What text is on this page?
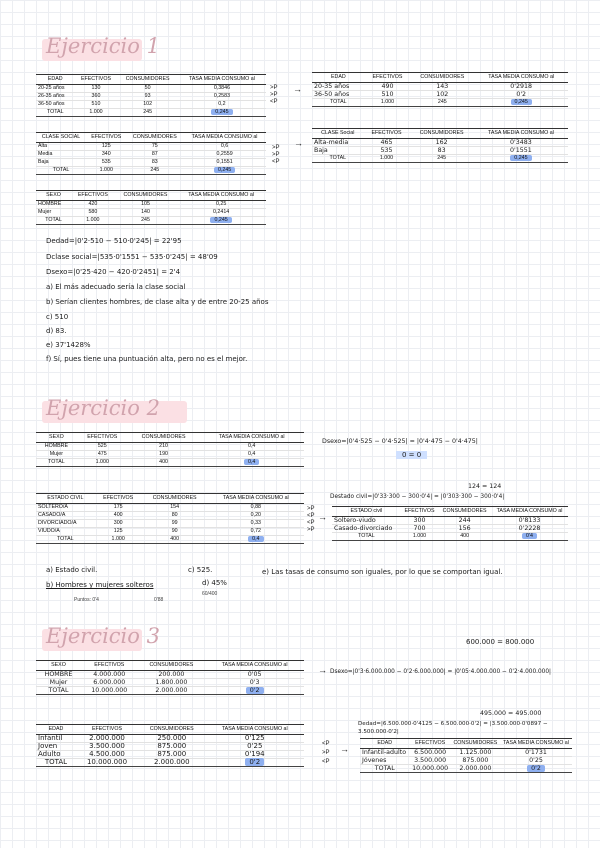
Ejercicio 1
EDAD	EFECTIVOS	CONSUMIDORES	TASA MEDIA CONSUMO al
20-25 años	130	50	0,3846
26-35 años	360	93	0,2583
36-50 años	510	102	0,2
TOTAL	1.000	245	0,245
>P
>P
<P
→
EDAD	EFECTIVOS	CONSUMIDORES	TASA MEDIA CONSUMO al
20-35 años	490	143	0'2918
36-50 años	510	102	0'2
TOTAL	1.000	245	0,245
CLASE SOCIAL	EFECTIVOS	CONSUMIDORES	TASA MEDIA CONSUMO al
Alta	125	75	0,6
Media	340	87	0,2559
Baja	535	83	0,1551
TOTAL	1.000	245	0,245
>P
>P
<P
→
CLASE Social	EFECTIVOS	CONSUMIDORES	TASA MEDIA CONSUMO al
Alta-media	465	162	0'3483
Baja	535	83	0'1551
TOTAL	1.000	245	0,245
SEXO	EFECTIVOS	CONSUMIDORES	TASA MEDIA CONSUMO al
HOMBRE	420	105	0,25
Mujer	580	140	0,2414
TOTAL	1.000	245	0,245
Dedad=|0'2·510 − 510·0'245| = 22'95
Dclase social=|535·0'1551 − 535·0'245| = 48'09
Dsexo=|0'25·420 − 420·0'2451| = 2'4
a) El más adecuado sería la clase social
b) Serían clientes hombres, de clase alta y de entre 20-25 años
c) 510
d) 83.
e) 37'1428%
f) Sí, pues tiene una puntuación alta, pero no es el mejor.
Ejercicio 2
SEXO	EFECTIVOS	CONSUMIDORES	TASA MEDIA CONSUMO al
HOMBRE	525	210	0,4
Mujer	475	190	0,4
TOTAL	1.000	400	0,4
Dsexo=|0'4·525 − 0'4·525| = |0'4·475 − 0'4·475|
0 = 0
ESTADO CIVIL	EFECTIVOS	CONSUMIDORES	TASA MEDIA CONSUMO al
SOLTERO/A	175	154	0,88
CASADO/A	400	80	0,20
DIVORCIADO/A	300	99	0,33
VIUDO/A	125	90	0,72
TOTAL	1.000	400	0,4
>P
<P
<P
>P
→
124 = 124
Destado civil=|0'33·300 − 300·0'4| = |0'303·300 − 300·0'4|
ESTADO civil	EFECTIVOS	CONSUMIDORES	TASA MEDIA CONSUMO al
Soltero-viudo	300	244	0'8133
Casado-divorciado	700	156	0'2228
TOTAL	1.000	400	0'4
a) Estado civil.
b) Hombres y mujeres solteros
Puntos: 0'4	0'88
c) 525.
d) 45%
60/400
e) Las tasas de consumo son iguales, por lo que se comportan igual.
Ejercicio 3	600.000 = 800.000
SEXO	EFECTIVOS	CONSUMIDORES	TASA MEDIA CONSUMO al
HOMBRE	4.000.000	200.000	0'05
Mujer	6.000.000	1.800.000	0'3
TOTAL	10.000.000	2.000.000	0'2
→ Dsexo=|0'3·6.000.000 − 0'2·6.000.000| = |0'05·4.000.000 − 0'2·4.000.000|
495.000 = 495.000
Dedad=|6.500.000·0'4125 − 6.500.000·0'2| = |3.500.000·0'0897 − 3.500.000·0'2|
EDAD	EFECTIVOS	CONSUMIDORES	TASA MEDIA CONSUMO al
Infantil	2.000.000	250.000	0'125
Joven	3.500.000	875.000	0'25
Adulto	4.500.000	875.000	0'194
TOTAL	10.000.000	2.000.000	0'2
<P
>P
<P
→
EDAD	EFECTIVOS	CONSUMIDORES	TASA MEDIA CONSUMO al
Infantil-adulto	6.500.000	1.125.000	0'1731
Jóvenes	3.500.000	875.000	0'25
TOTAL	10.000.000	2.000.000	0'2
